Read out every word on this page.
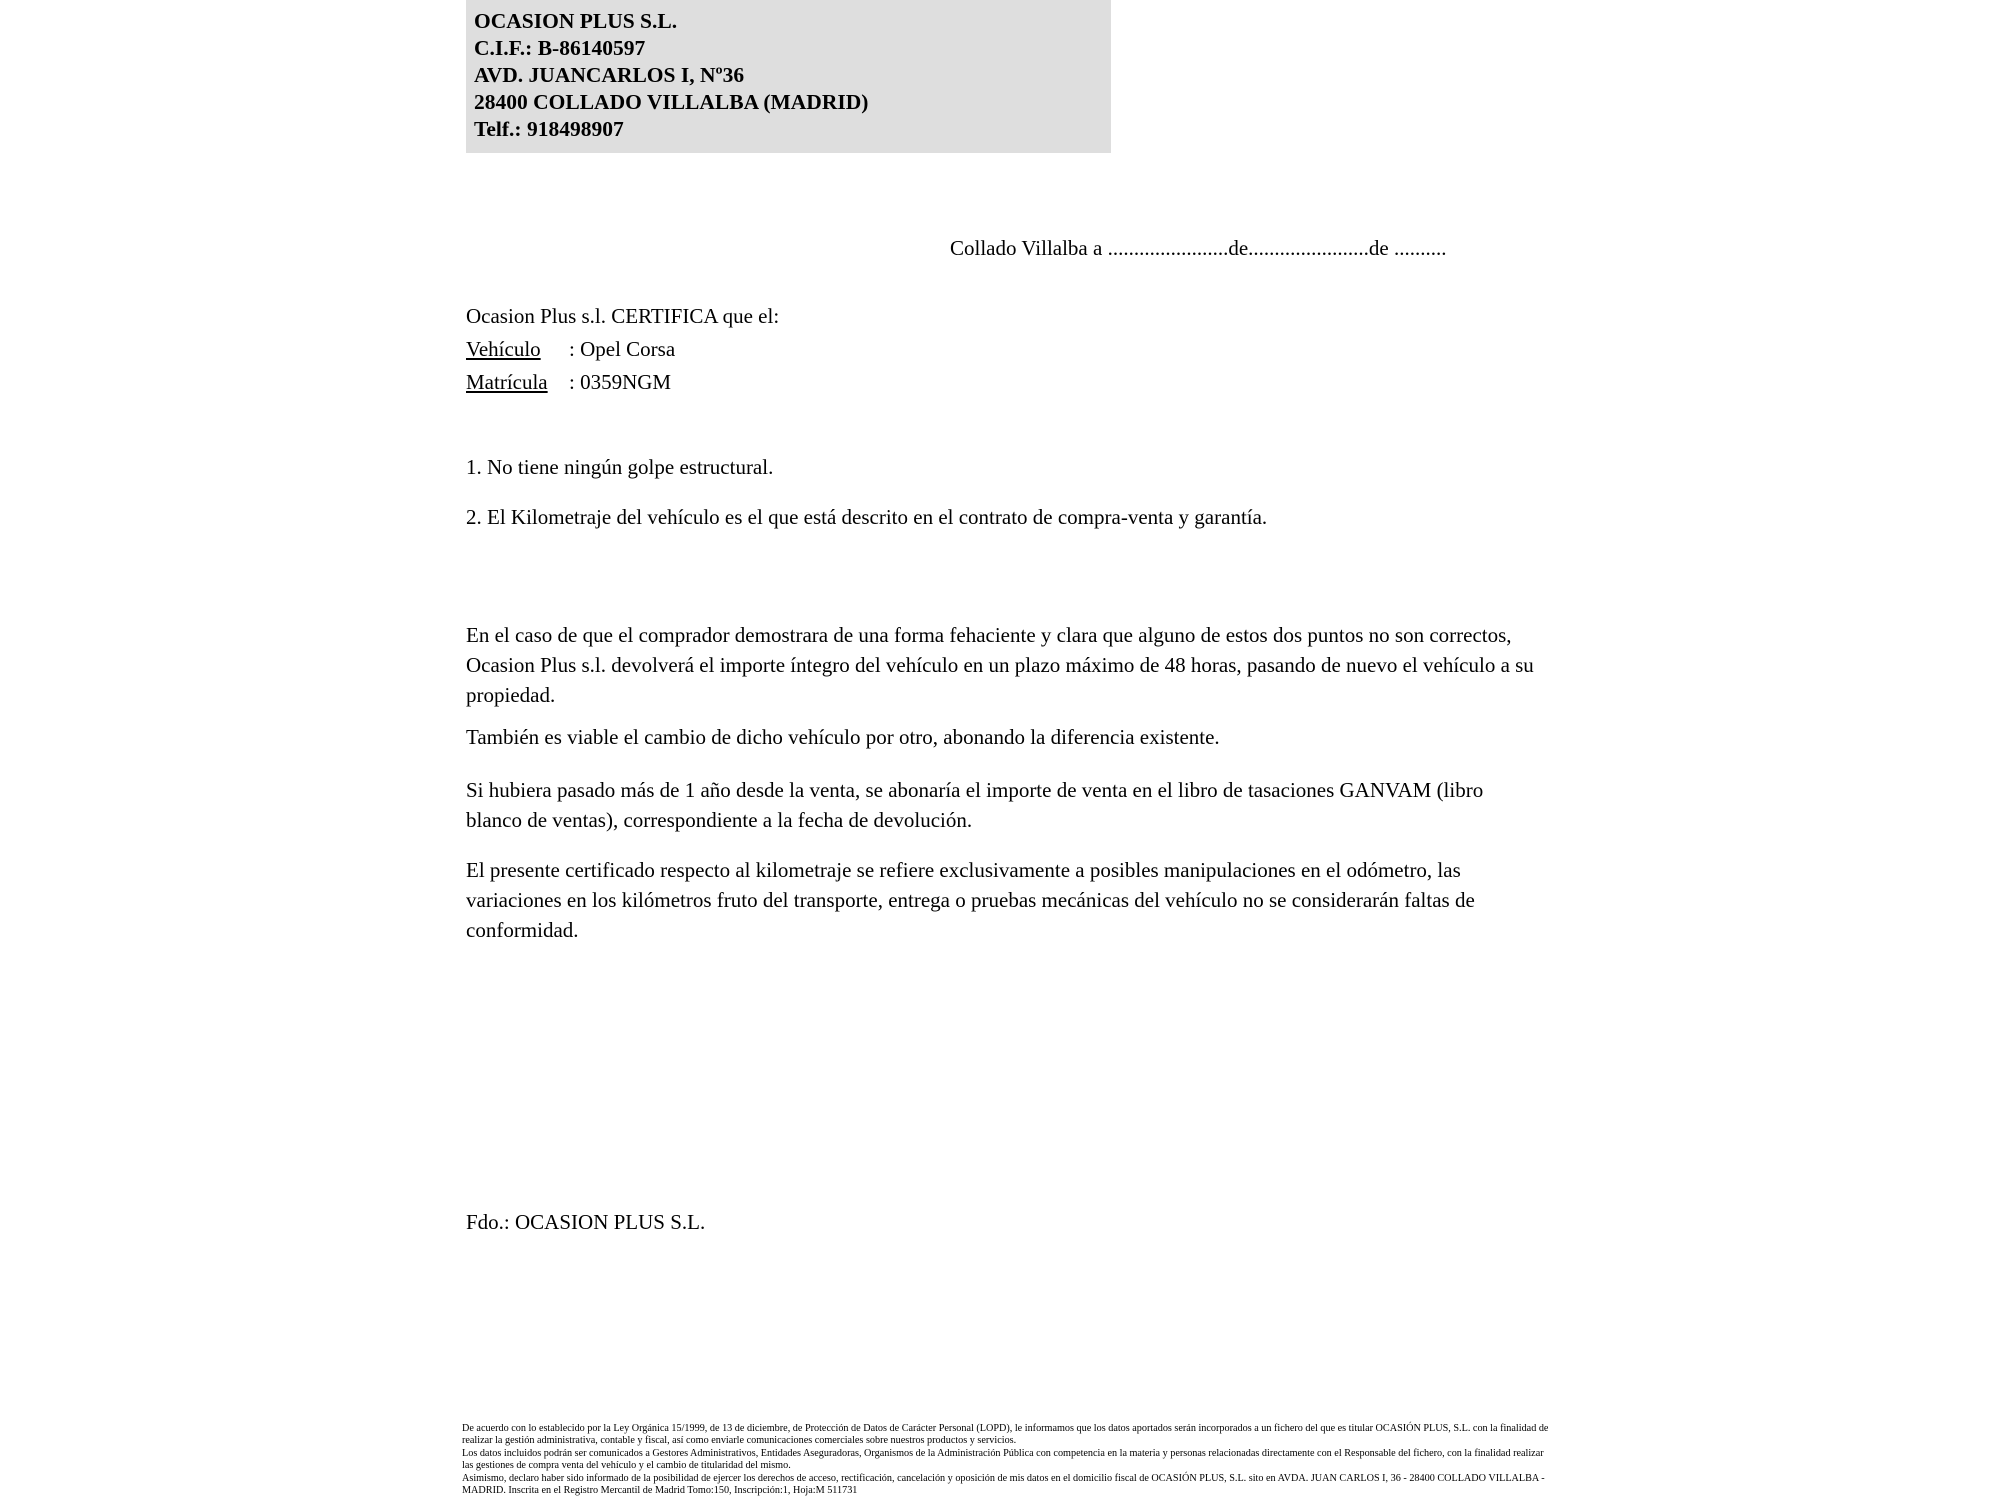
OCASION PLUS S.L.
C.I.F.: B-86140597
AVD. JUANCARLOS I, Nº36
28400 COLLADO VILLALBA (MADRID)
Telf.: 918498907
Collado Villalba a .......................de.......................de ..........
Ocasion Plus s.l. CERTIFICA que el:
Vehículo : Opel Corsa
Matrícula : 0359NGM
1. No tiene ningún golpe estructural.
2. El Kilometraje del vehículo es el que está descrito en el contrato de compra-venta y garantía.
En el caso de que el comprador demostrara de una forma fehaciente y clara que alguno de estos dos puntos no son correctos, Ocasion Plus s.l. devolverá el importe íntegro del vehículo en un plazo máximo de 48 horas, pasando de nuevo el vehículo a su propiedad.
También es viable el cambio de dicho vehículo por otro, abonando la diferencia existente.
Si hubiera pasado más de 1 año desde la venta, se abonaría el importe de venta en el libro de tasaciones GANVAM (libro blanco de ventas), correspondiente a la fecha de devolución.
El presente certificado respecto al kilometraje se refiere exclusivamente a posibles manipulaciones en el odómetro, las variaciones en los kilómetros fruto del transporte, entrega o pruebas mecánicas del vehículo no se considerarán faltas de conformidad.
Fdo.: OCASION PLUS S.L.

De acuerdo con lo establecido por la Ley Orgánica 15/1999, de 13 de diciembre, de Protección de Datos de Carácter Personal (LOPD), le informamos que los datos aportados serán incorporados a un fichero del que es titular OCASIÓN PLUS, S.L. con la finalidad de realizar la gestión administrativa, contable y fiscal, así como enviarle comunicaciones comerciales sobre nuestros productos y servicios.

Los datos incluidos podrán ser comunicados a Gestores Administrativos, Entidades Aseguradoras, Organismos de la Administración Pública con competencia en la materia y personas relacionadas directamente con el Responsable del fichero, con la finalidad realizar las gestiones de compra venta del vehículo y el cambio de titularidad del mismo.

Asimismo, declaro haber sido informado de la posibilidad de ejercer los derechos de acceso, rectificación, cancelación y oposición de mis datos en el domicilio fiscal de OCASIÓN PLUS, S.L. sito en AVDA. JUAN CARLOS I, 36 - 28400 COLLADO VILLALBA - MADRID. Inscrita en el Registro Mercantil de Madrid Tomo:150, Inscripción:1, Hoja:M 511731
